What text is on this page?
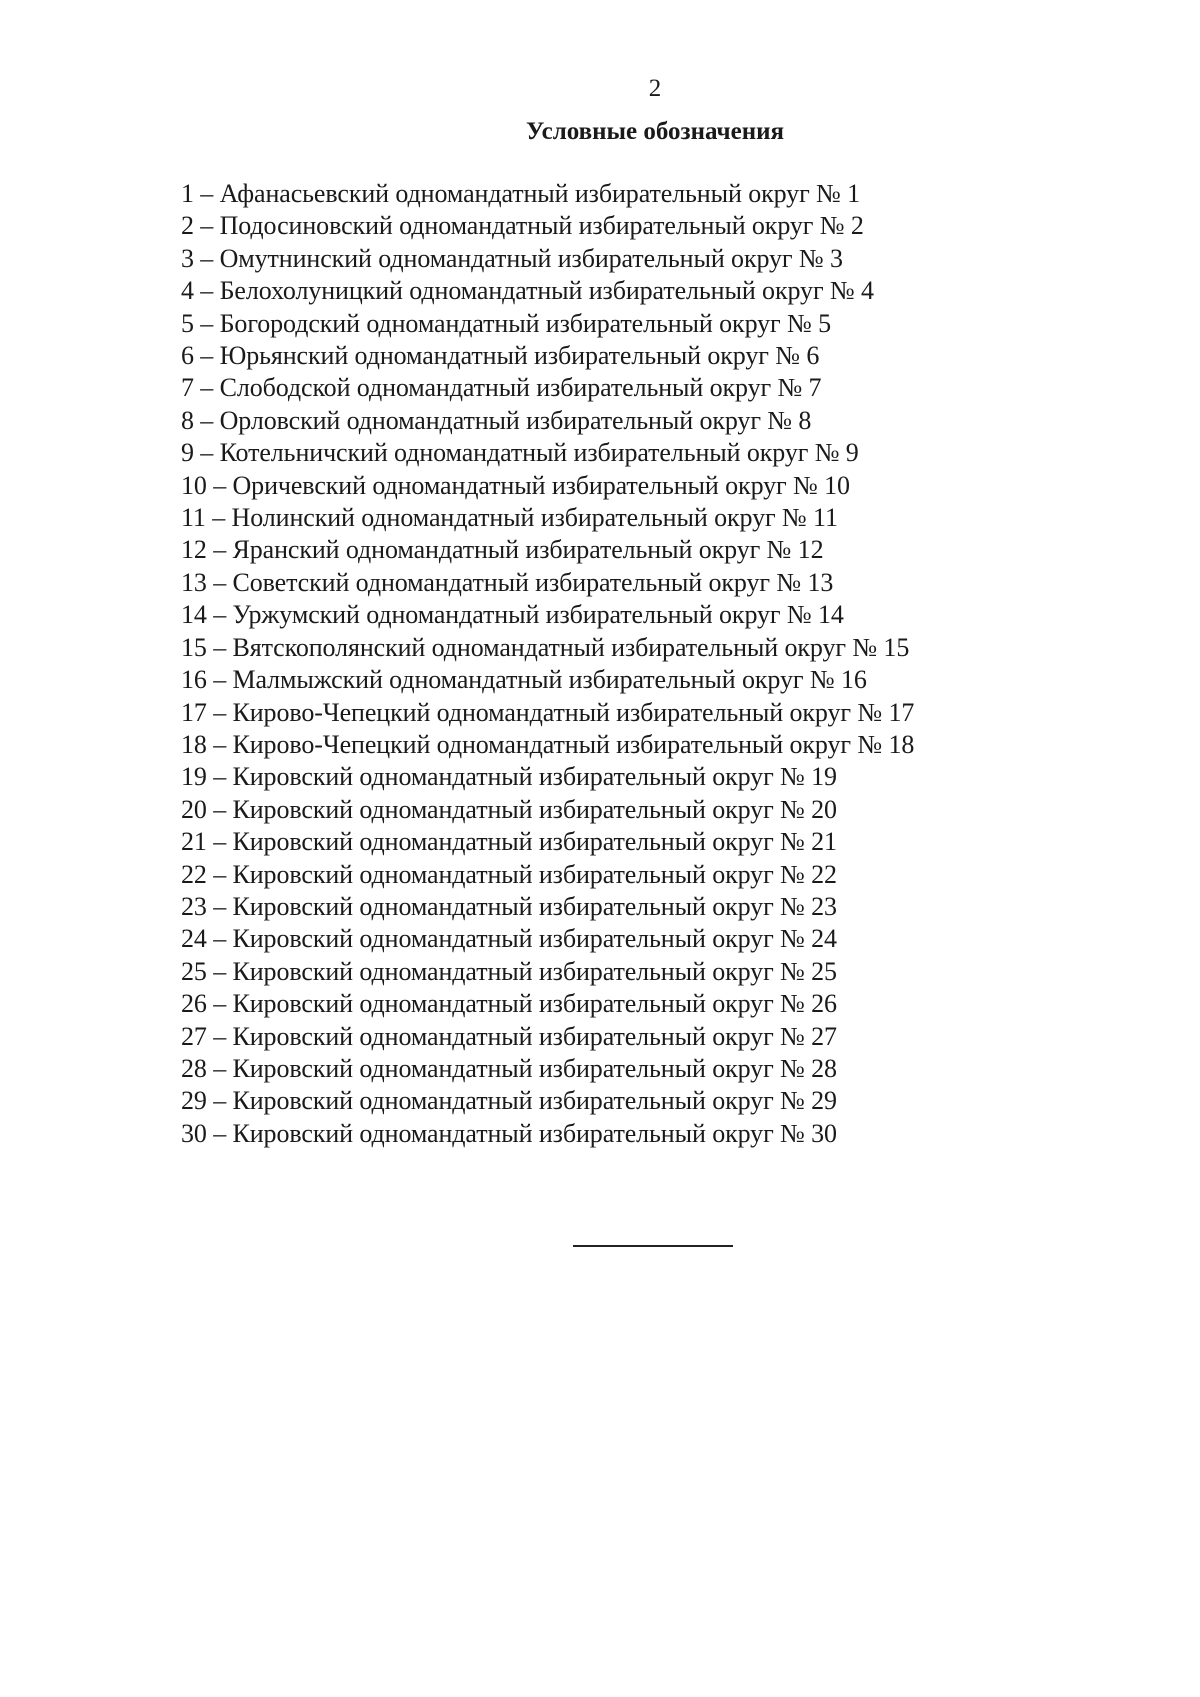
2
Условные обозначения
1 – Афанасьевский одномандатный избирательный округ № 1
2 – Подосиновский одномандатный избирательный округ № 2
3 – Омутнинский одномандатный избирательный округ № 3
4 – Белохолуницкий одномандатный избирательный округ № 4
5 – Богородский одномандатный избирательный округ № 5
6 – Юрьянский одномандатный избирательный округ № 6
7 – Слободской одномандатный избирательный округ № 7
8 – Орловский одномандатный избирательный округ № 8
9 – Котельничский одномандатный избирательный округ № 9
10 – Оричевский одномандатный избирательный округ № 10
11 – Нолинский одномандатный избирательный округ № 11
12 – Яранский одномандатный избирательный округ № 12
13 – Советский одномандатный избирательный округ № 13
14 – Уржумский одномандатный избирательный округ № 14
15 – Вятскополянский одномандатный избирательный округ № 15
16 – Малмыжский одномандатный избирательный округ № 16
17 – Кирово-Чепецкий одномандатный избирательный округ № 17
18 – Кирово-Чепецкий одномандатный избирательный округ № 18
19 – Кировский одномандатный избирательный округ № 19
20 – Кировский одномандатный избирательный округ № 20
21 – Кировский одномандатный избирательный округ № 21
22 – Кировский одномандатный избирательный округ № 22
23 – Кировский одномандатный избирательный округ № 23
24 – Кировский одномандатный избирательный округ № 24
25 – Кировский одномандатный избирательный округ № 25
26 – Кировский одномандатный избирательный округ № 26
27 – Кировский одномандатный избирательный округ № 27
28 – Кировский одномандатный избирательный округ № 28
29 – Кировский одномандатный избирательный округ № 29
30 – Кировский одномандатный избирательный округ № 30
